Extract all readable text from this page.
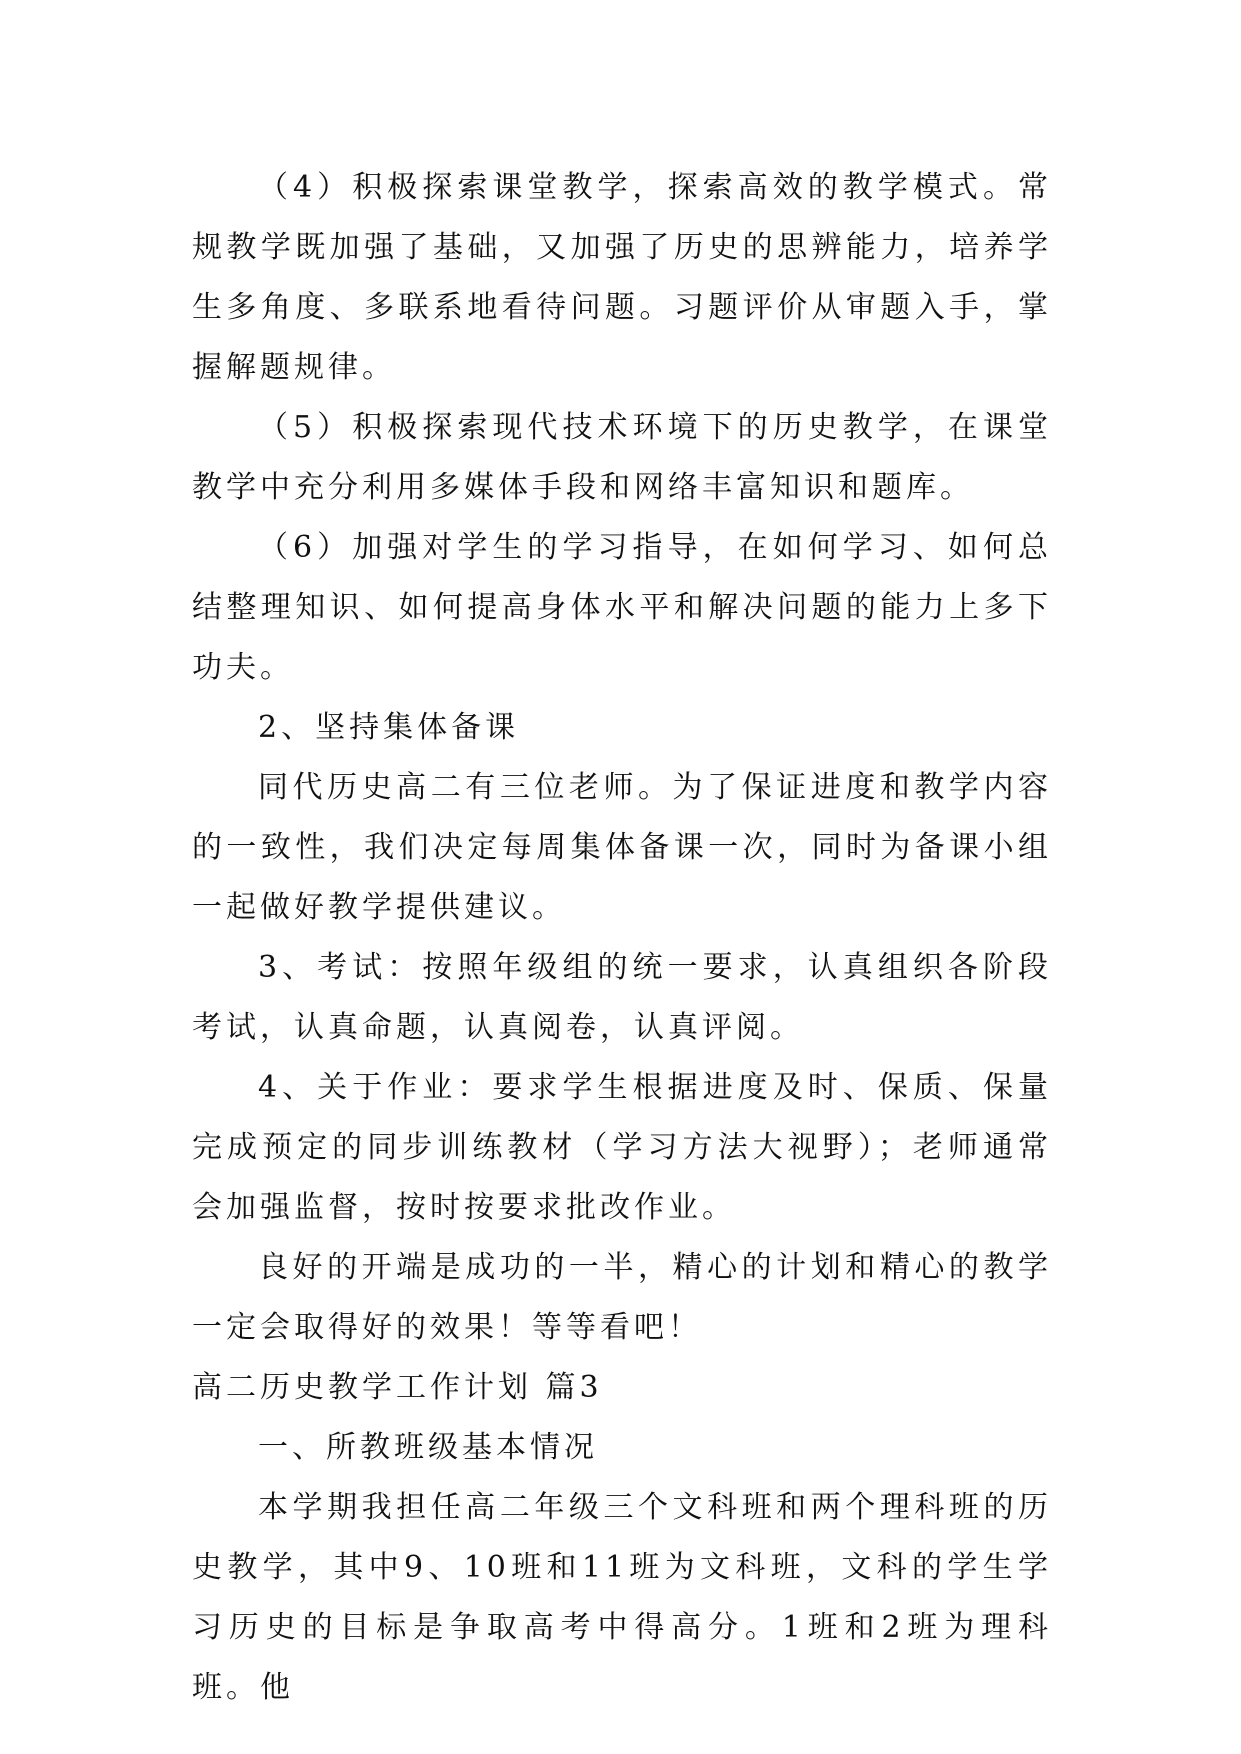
（4）积极探索课堂教学，探索高效的教学模式。常规教学既加强了基础，又加强了历史的思辨能力，培养学生多角度、多联系地看待问题。习题评价从审题入手，掌握解题规律。

（5）积极探索现代技术环境下的历史教学，在课堂教学中充分利用多媒体手段和网络丰富知识和题库。

（6）加强对学生的学习指导，在如何学习、如何总结整理知识、如何提高身体水平和解决问题的能力上多下功夫。

2、坚持集体备课

同代历史高二有三位老师。为了保证进度和教学内容的一致性，我们决定每周集体备课一次，同时为备课小组一起做好教学提供建议。

3、考试：按照年级组的统一要求，认真组织各阶段考试，认真命题，认真阅卷，认真评阅。

4、关于作业：要求学生根据进度及时、保质、保量完成预定的同步训练教材（学习方法大视野）；老师通常会加强监督，按时按要求批改作业。

良好的开端是成功的一半，精心的计划和精心的教学一定会取得好的效果！等等看吧！

高二历史教学工作计划 篇3

一、所教班级基本情况

本学期我担任高二年级三个文科班和两个理科班的历史教学，其中9、10班和11班为文科班，文科的学生学习历史的目标是争取高考中得高分。1班和2班为理科班。他
